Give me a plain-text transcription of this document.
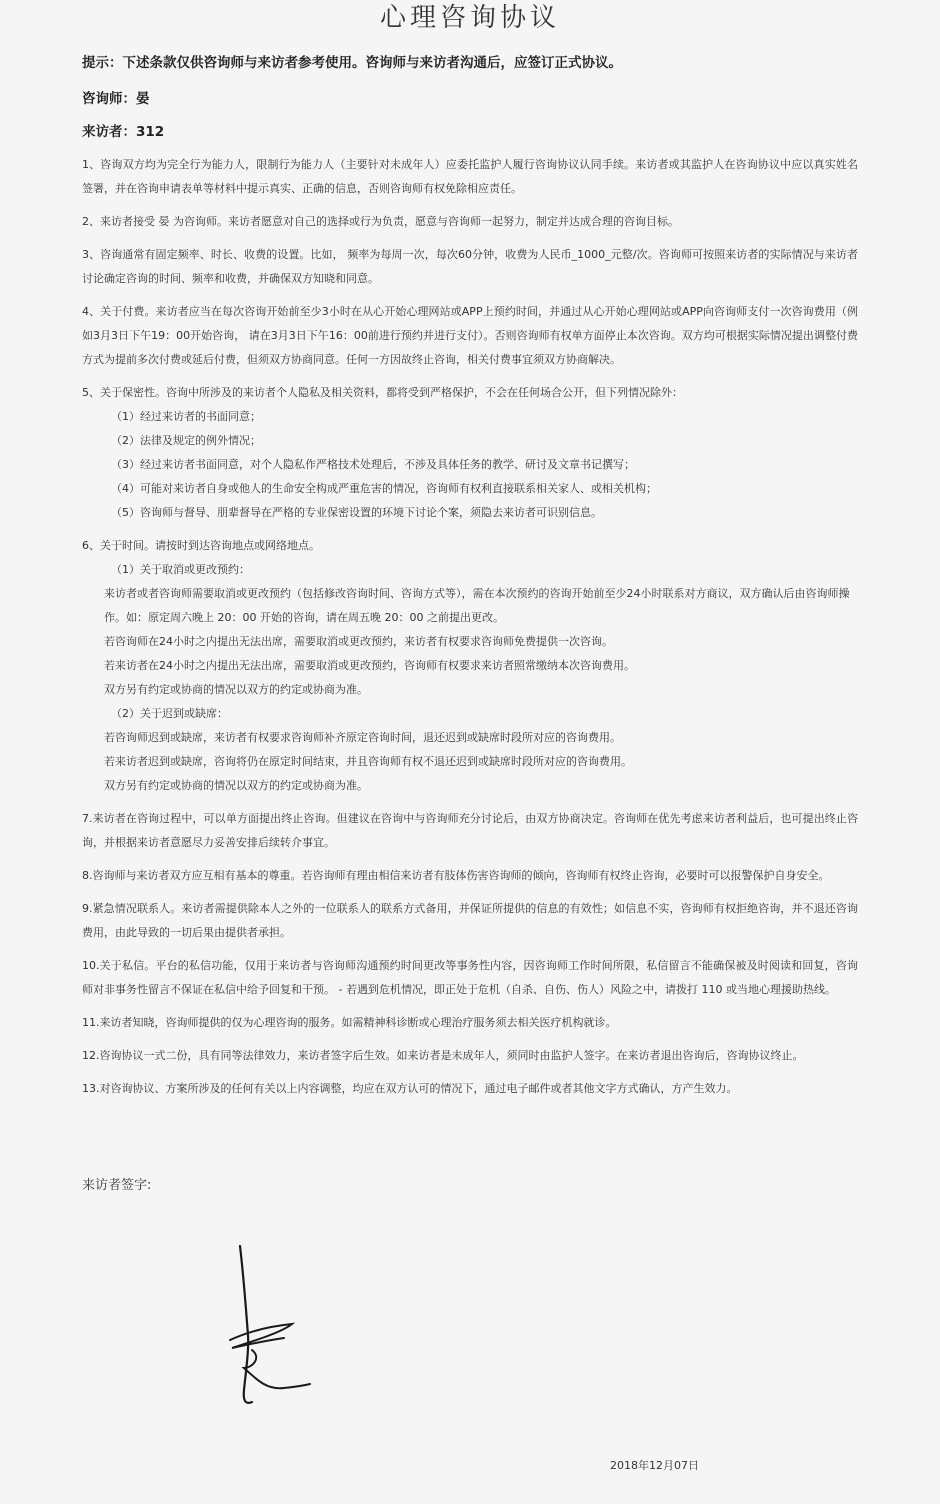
心理咨询协议
提示：下述条款仅供咨询师与来访者参考使用。咨询师与来访者沟通后，应签订正式协议。
咨询师：晏
来访者：312
1、咨询双方均为完全行为能力人，限制行为能力人（主要针对未成年人）应委托监护人履行咨询协议认同手续。来访者或其监护人在咨询协议中应以真实姓名签署，并在咨询申请表单等材料中提示真实、正确的信息，否则咨询师有权免除相应责任。
2、来访者接受 晏 为咨询师。来访者愿意对自己的选择或行为负责，愿意与咨询师一起努力，制定并达成合理的咨询目标。
3、咨询通常有固定频率、时长、收费的设置。比如， 频率为每周一次，每次60分钟，收费为人民币_1000_元整/次。咨询师可按照来访者的实际情况与来访者讨论确定咨询的时间、频率和收费，并确保双方知晓和同意。
4、关于付费。来访者应当在每次咨询开始前至少3小时在从心开始心理网站或APP上预约时间，并通过从心开始心理网站或APP向咨询师支付一次咨询费用（例如3月3日下午19：00开始咨询， 请在3月3日下午16：00前进行预约并进行支付）。否则咨询师有权单方面停止本次咨询。双方均可根据实际情况提出调整付费方式为提前多次付费或延后付费，但须双方协商同意。任何一方因故终止咨询，相关付费事宜须双方协商解决。
5、关于保密性。咨询中所涉及的来访者个人隐私及相关资料，都将受到严格保护，不会在任何场合公开，但下列情况除外：
（1）经过来访者的书面同意；
（2）法律及规定的例外情况；
（3）经过来访者书面同意，对个人隐私作严格技术处理后，不涉及具体任务的教学、研讨及文章书记撰写；
（4）可能对来访者自身或他人的生命安全构成严重危害的情况，咨询师有权利直接联系相关家人、或相关机构；
（5）咨询师与督导、朋辈督导在严格的专业保密设置的环境下讨论个案，须隐去来访者可识别信息。
6、关于时间。请按时到达咨询地点或网络地点。
（1）关于取消或更改预约：
来访者或者咨询师需要取消或更改预约（包括修改咨询时间、咨询方式等），需在本次预约的咨询开始前至少24小时联系对方商议，双方确认后由咨询师操作。如：原定周六晚上 20：00 开始的咨询，请在周五晚 20：00 之前提出更改。
若咨询师在24小时之内提出无法出席，需要取消或更改预约，来访者有权要求咨询师免费提供一次咨询。
若来访者在24小时之内提出无法出席，需要取消或更改预约，咨询师有权要求来访者照常缴纳本次咨询费用。
双方另有约定或协商的情况以双方的约定或协商为准。
（2）关于迟到或缺席：
若咨询师迟到或缺席，来访者有权要求咨询师补齐原定咨询时间，退还迟到或缺席时段所对应的咨询费用。
若来访者迟到或缺席，咨询将仍在原定时间结束，并且咨询师有权不退还迟到或缺席时段所对应的咨询费用。
双方另有约定或协商的情况以双方的约定或协商为准。
7.来访者在咨询过程中，可以单方面提出终止咨询。但建议在咨询中与咨询师充分讨论后，由双方协商决定。咨询师在优先考虑来访者利益后，也可提出终止咨询，并根据来访者意愿尽力妥善安排后续转介事宜。
8.咨询师与来访者双方应互相有基本的尊重。若咨询师有理由相信来访者有肢体伤害咨询师的倾向，咨询师有权终止咨询，必要时可以报警保护自身安全。
9.紧急情况联系人。来访者需提供除本人之外的一位联系人的联系方式备用，并保证所提供的信息的有效性；如信息不实，咨询师有权拒绝咨询，并不退还咨询费用，由此导致的一切后果由提供者承担。
10.关于私信。平台的私信功能，仅用于来访者与咨询师沟通预约时间更改等事务性内容，因咨询师工作时间所限，私信留言不能确保被及时阅读和回复，咨询师对非事务性留言不保证在私信中给予回复和干预。 - 若遇到危机情况，即正处于危机（自杀、自伤、伤人）风险之中，请拨打 110 或当地心理援助热线。
11.来访者知晓，咨询师提供的仅为心理咨询的服务。如需精神科诊断或心理治疗服务须去相关医疗机构就诊。
12.咨询协议一式二份，具有同等法律效力，来访者签字后生效。如来访者是未成年人，须同时由监护人签字。在来访者退出咨询后，咨询协议终止。
13.对咨询协议、方案所涉及的任何有关以上内容调整，均应在双方认可的情况下，通过电子邮件或者其他文字方式确认，方产生效力。
来访者签字:
2018年12月07日
